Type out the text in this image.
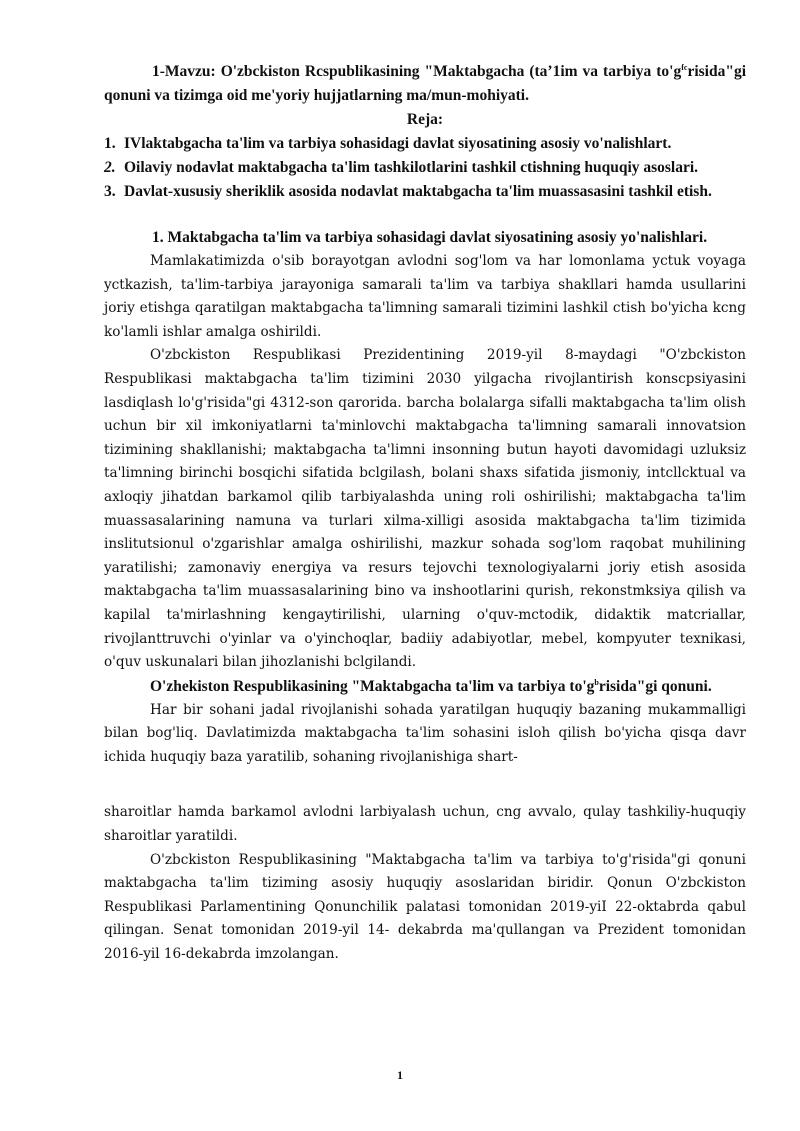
1-Mavzu: O'zbckiston Rcspublikasining "Maktabgacha (ta’1im va tarbiya $to'g^{fc}risida"gi$ qonuni va tizimga oid me'yoriy hujjatlarning ma/mun-mohiyati.

Reja:

1. IVlaktabgacha ta'lim va tarbiya sohasidagi davlat siyosatining asosiy vo'nalishlart.
2. Oilaviy nodavlat maktabgacha ta'lim tashkilotlarini tashkil ctishning huquqiy asoslari.
3. Davlat-xususiy sheriklik asosida nodavlat maktabgacha ta'lim muassasasini tashkil etish.

1. Maktabgacha ta'lim va tarbiya sohasidagi davlat siyosatining asosiy yo'nalishlari.

Mamlakatimizda o'sib borayotgan avlodni sog'lom va har lomonlama yctuk voyaga yctkazish, ta'lim-tarbiya jarayoniga samarali ta'lim va tarbiya shakllari hamda usullarini joriy etishga qaratilgan maktabgacha ta'limning samarali tizimini lashkil ctish bo'yicha kcng ko'lamli ishlar amalga oshirildi.

O'zbckiston Respublikasi Prezidentining 2019-yil 8-maydagi "O'zbckiston Respublikasi maktabgacha ta'lim tizimini 2030 yilgacha rivojlantirish konscpsiyasini lasdiqlash lo'g'risida"gi 4312-son qarorida. barcha bolalarga sifalli maktabgacha ta'lim olish uchun bir xil imkoniyatlarni ta'minlovchi maktabgacha ta'limning samarali innovatsion tizimining shakllanishi; maktabgacha ta'limni insonning butun hayoti davomidagi uzluksiz ta'limning birinchi bosqichi sifatida bclgilash, bolani shaxs sifatida jismoniy, intcllcktual va axloqiy jihatdan barkamol qilib tarbiyalashda uning roli oshirilishi; maktabgacha ta'lim muassasalarining namuna va turlari xilma-xilligi asosida maktabgacha ta'lim tizimida inslitutsionul o'zgarishlar amalga oshirilishi, mazkur sohada sog'lom raqobat muhilining yaratilishi; zamonaviy energiya va resurs tejovchi texnologiyalarni joriy etish asosida maktabgacha ta'lim muassasalarining bino va inshootlarini qurish, rekonstmksiya qilish va kapilal ta'mirlashning kengaytirilishi, ularning o'quv-mctodik, didaktik matcriallar, rivojlanttruvchi o'yinlar va o'yinchoqlar, badiiy adabiyotlar, mebel, kompyuter texnikasi, o'quv uskunalari bilan jihozlanishi bclgilandi.

O'zhekiston Respublikasining "Maktabgacha ta'lim va tarbiya $to'g^brisida"gi$ qonuni.

Har bir sohani jadal rivojlanishi sohada yaratilgan huquqiy bazaning mukammalligi bilan bog'liq. Davlatimizda maktabgacha ta'lim sohasini isloh qilish bo'yicha qisqa davr ichida huquqiy baza yaratilib, sohaning rivojlanishiga shart-

sharoitlar hamda barkamol avlodni larbiyalash uchun, cng avvalo, qulay tashkiliy-huquqiy sharoitlar yaratildi.

O'zbckiston Respublikasining "Maktabgacha ta'lim va tarbiya to'g'risida"gi qonuni maktabgacha ta'lim tiziming asosiy huquqiy asoslaridan biridir. Qonun O'zbckiston Respublikasi Parlamentining Qonunchilik palatasi tomonidan 2019-yiI 22-oktabrda qabul qilingan. Senat tomonidan 2019-yil 14- dekabrda ma'qullangan va Prezident tomonidan 2016-yil 16-dekabrda imzolangan.

1
